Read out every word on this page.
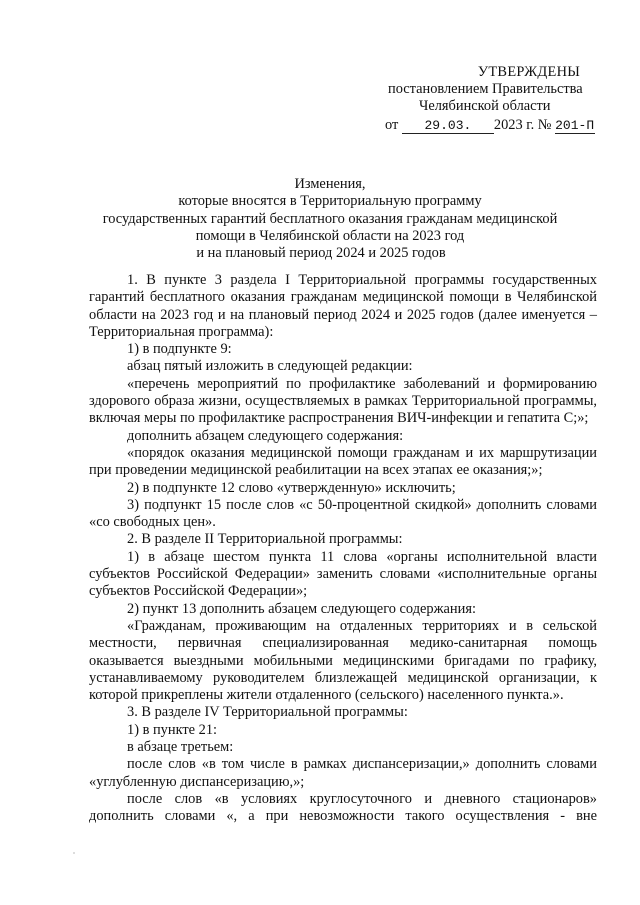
УТВЕРЖДЕНЫ
постановлением Правительства
Челябинской области
от 29.03. 2023 г. № 201-П
Изменения,
которые вносятся в Территориальную программу
государственных гарантий бесплатного оказания гражданам медицинской
помощи в Челябинской области на 2023 год
и на плановый период 2024 и 2025 годов

1. В пункте 3 раздела I Территориальной программы государственных гарантий бесплатного оказания гражданам медицинской помощи в Челябинской области на 2023 год и на плановый период 2024 и 2025 годов (далее именуется – Территориальная программа):

1) в подпункте 9:

абзац пятый изложить в следующей редакции:

«перечень мероприятий по профилактике заболеваний и формированию здорового образа жизни, осуществляемых в рамках Территориальной программы, включая меры по профилактике распространения ВИЧ-инфекции и гепатита С;»;

дополнить абзацем следующего содержания:

«порядок оказания медицинской помощи гражданам и их маршрутизации при проведении медицинской реабилитации на всех этапах ее оказания;»;

2) в подпункте 12 слово «утвержденную» исключить;

3) подпункт 15 после слов «с 50-процентной скидкой» дополнить словами «со свободных цен».

2. В разделе II Территориальной программы:

1) в абзаце шестом пункта 11 слова «органы исполнительной власти субъектов Российской Федерации» заменить словами «исполнительные органы субъектов Российской Федерации»;

2) пункт 13 дополнить абзацем следующего содержания:

«Гражданам, проживающим на отдаленных территориях и в сельской местности, первичная специализированная медико-санитарная помощь оказывается выездными мобильными медицинскими бригадами по графику, устанавливаемому руководителем близлежащей медицинской организации, к которой прикреплены жители отдаленного (сельского) населенного пункта.».

3. В разделе IV Территориальной программы:

1) в пункте 21:

в абзаце третьем:

после слов «в том числе в рамках диспансеризации,» дополнить словами «углубленную диспансеризацию,»;

после слов «в условиях круглосуточного и дневного стационаров» дополнить словами «, а при невозможности такого осуществления - вне
